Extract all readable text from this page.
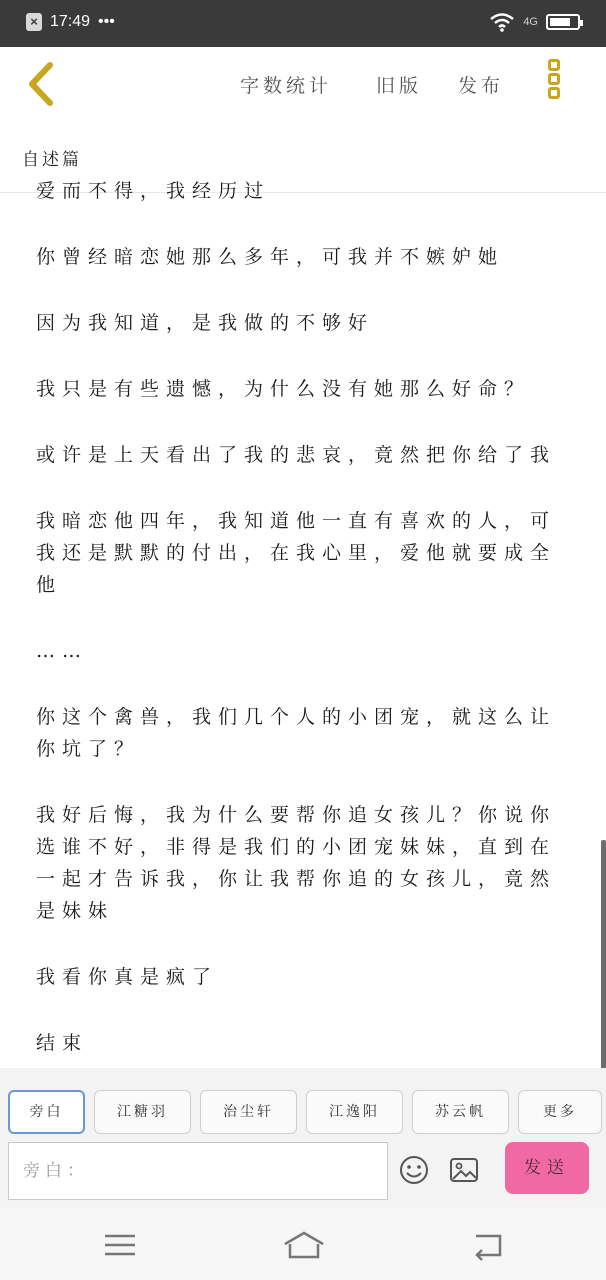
× 17:49 •••	4G
字数统计	旧版	发布
自述篇

爱而不得，我经历过

你曾经暗恋她那么多年，可我并不嫉妒她

因为我知道，是我做的不够好

我只是有些遗憾，为什么没有她那么好命？

或许是上天看出了我的悲哀，竟然把你给了我

我暗恋他四年，我知道他一直有喜欢的人，可我还是默默的付出，在我心里，爱他就要成全他

……

你这个禽兽，我们几个人的小团宠，就这么让你坑了？

我好后悔，我为什么要帮你追女孩儿？你说你选谁不好，非得是我们的小团宠妹妹，直到在一起才告诉我，你让我帮你追的女孩儿，竟然是妹妹

我看你真是疯了

结束

旁白	江糖羽	治尘轩	江逸阳	苏云帆	更多
旁白：	发送
